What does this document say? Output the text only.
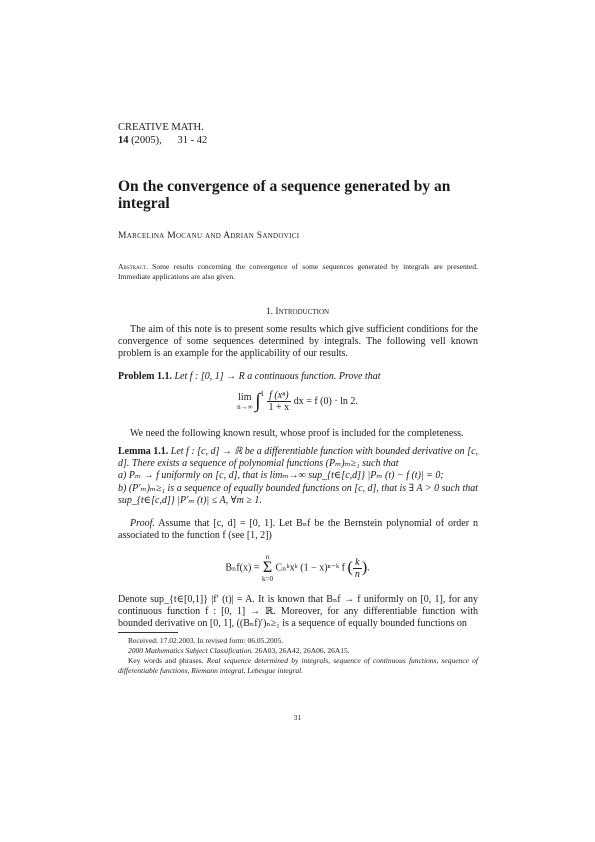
CREATIVE MATH.
14 (2005),      31 - 42
On the convergence of a sequence generated by an integral
Marcelina Mocanu and Adrian Sandovici
Abstract. Some results concerning the convergence of some sequences generated by integrals are presented. Immediate applications are also given.
1. Introduction
The aim of this note is to present some results which give sufficient conditions for the convergence of some sequences determined by integrals. The following vell known problem is an example for the applicability of our results.
Problem 1.1. Let f : [0, 1] → R a continuous function. Prove that
lim
n→∞ $\int^1 \frac{\text{f (xⁿ)}}{1 + x}$ dx = f (0) · ln 2.
We need the following known result, whose proof is included for the completeness.
Lemma 1.1. Let f : [c, d] → ℝ be a differentiable function with bounded derivative on [c, d]. There exists a sequence of polynomial functions (Pₘ)ₘ≥₁ such that
a) Pₘ → f uniformly on [c, d], that is limₘ→∞ sup_{t∈[c,d]} |Pₘ (t) − f (t)| = 0;
b) (P′ₘ)ₘ≥₁ is a sequence of equally bounded functions on [c, d], that is ∃ A > 0 such that sup_{t∈[c,d]} |P′ₘ (t)| ≤ A, ∀m ≥ 1.
Proof. Assume that [c, d] = [0, 1]. Let Bₙf be the Bernstein polynomial of order n associated to the function f (see [1, 2])
Bₙf(x) =
n
Σ
k=0
Cₙᵏxᵏ (1 − x)ⁿ⁻ᵏ f ( $\frac{k}{n}$ ).
Denote sup_{t∈[0,1]} |f′ (t)| = A. It is known that Bₙf → f uniformly on [0, 1], for any continuous function f : [0, 1] → ℝ. Moreover, for any differentiable function with bounded derivative on [0, 1], ((Bₙf)′)ₙ≥₁ is a sequence of equally bounded functions on
Received: 17.02.2003. In revised form: 06.05.2005.
2000 Mathematics Subject Classification. 26A03, 26A42, 26A06, 26A15.
Key words and phrases. Real sequence determined by integrals, sequence of continuous functions, sequence of differentiable functions, Riemann integral, Lebesgue integral.
31
